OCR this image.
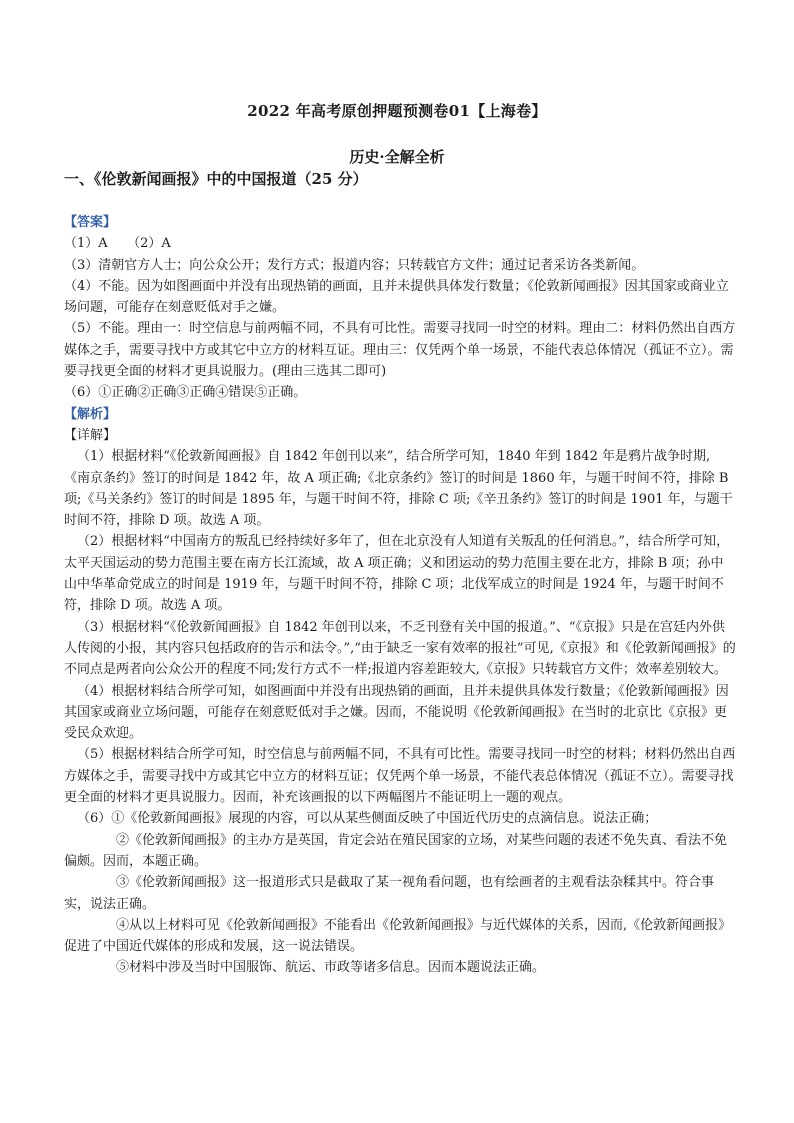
2022 年高考原创押题预测卷01【上海卷】
历史·全解全析
一、《伦敦新闻画报》中的中国报道（25 分）

【答案】

（1）A　　（2）A

（3）清朝官方人士；向公众公开；发行方式；报道内容；只转载官方文件；通过记者采访各类新闻。

（4）不能。因为如图画面中并没有出现热销的画面，且并未提供具体发行数量；《伦敦新闻画报》因其国家或商业立场问题，可能存在刻意贬低对手之嫌。

（5）不能。理由一：时空信息与前两幅不同，不具有可比性。需要寻找同一时空的材料。理由二：材料仍然出自西方媒体之手，需要寻找中方或其它中立方的材料互证。理由三：仅凭两个单一场景，不能代表总体情况（孤证不立）。需要寻找更全面的材料才更具说服力。(理由三选其二即可)

（6）①正确②正确③正确④错误⑤正确。

【解析】

【详解】

（1）根据材料“《伦敦新闻画报》自 1842 年创刊以来”，结合所学可知，1840 年到 1842 年是鸦片战争时期,《南京条约》签订的时间是 1842 年，故 A 项正确;《北京条约》签订的时间是 1860 年，与题干时间不符，排除 B 项;《马关条约》签订的时间是 1895 年，与题干时间不符，排除 C 项;《辛丑条约》签订的时间是 1901 年，与题干时间不符，排除 D 项。故选 A 项。

（2）根据材料“中国南方的叛乱已经持续好多年了，但在北京没有人知道有关叛乱的任何消息。”，结合所学可知，太平天国运动的势力范围主要在南方长江流域，故 A 项正确；义和团运动的势力范围主要在北方，排除 B 项；孙中山中华革命党成立的时间是 1919 年，与题干时间不符，排除 C 项；北伐军成立的时间是 1924 年，与题干时间不符，排除 D 项。故选 A 项。

（3）根据材料“《伦敦新闻画报》自 1842 年创刊以来，不乏刊登有关中国的报道。”、“《京报》只是在宫廷内外供人传阅的小报，其内容只包括政府的告示和法令。”,“由于缺乏一家有效率的报社”可见,《京报》和《伦敦新闻画报》的不同点是两者向公众公开的程度不同;发行方式不一样;报道内容差距较大,《京报》只转载官方文件；效率差别较大。

（4）根据材料结合所学可知，如图画面中并没有出现热销的画面，且并未提供具体发行数量；《伦敦新闻画报》因其国家或商业立场问题，可能存在刻意贬低对手之嫌。因而，不能说明《伦敦新闻画报》在当时的北京比《京报》更受民众欢迎。

（5）根据材料结合所学可知，时空信息与前两幅不同，不具有可比性。需要寻找同一时空的材料；材料仍然出自西方媒体之手，需要寻找中方或其它中立方的材料互证；仅凭两个单一场景，不能代表总体情况（孤证不立）。需要寻找更全面的材料才更具说服力。因而，补充该画报的以下两幅图片不能证明上一题的观点。

（6）①《伦敦新闻画报》展现的内容，可以从某些侧面反映了中国近代历史的点滴信息。说法正确；

②《伦敦新闻画报》的主办方是英国，肯定会站在殖民国家的立场，对某些问题的表述不免失真、看法不免偏颇。因而，本题正确。

③《伦敦新闻画报》这一报道形式只是截取了某一视角看问题，也有绘画者的主观看法杂糅其中。符合事实，说法正确。

④从以上材料可见《伦敦新闻画报》不能看出《伦敦新闻画报》与近代媒体的关系，因而,《伦敦新闻画报》促进了中国近代媒体的形成和发展，这一说法错误。

⑤材料中涉及当时中国服饰、航运、市政等诸多信息。因而本题说法正确。
